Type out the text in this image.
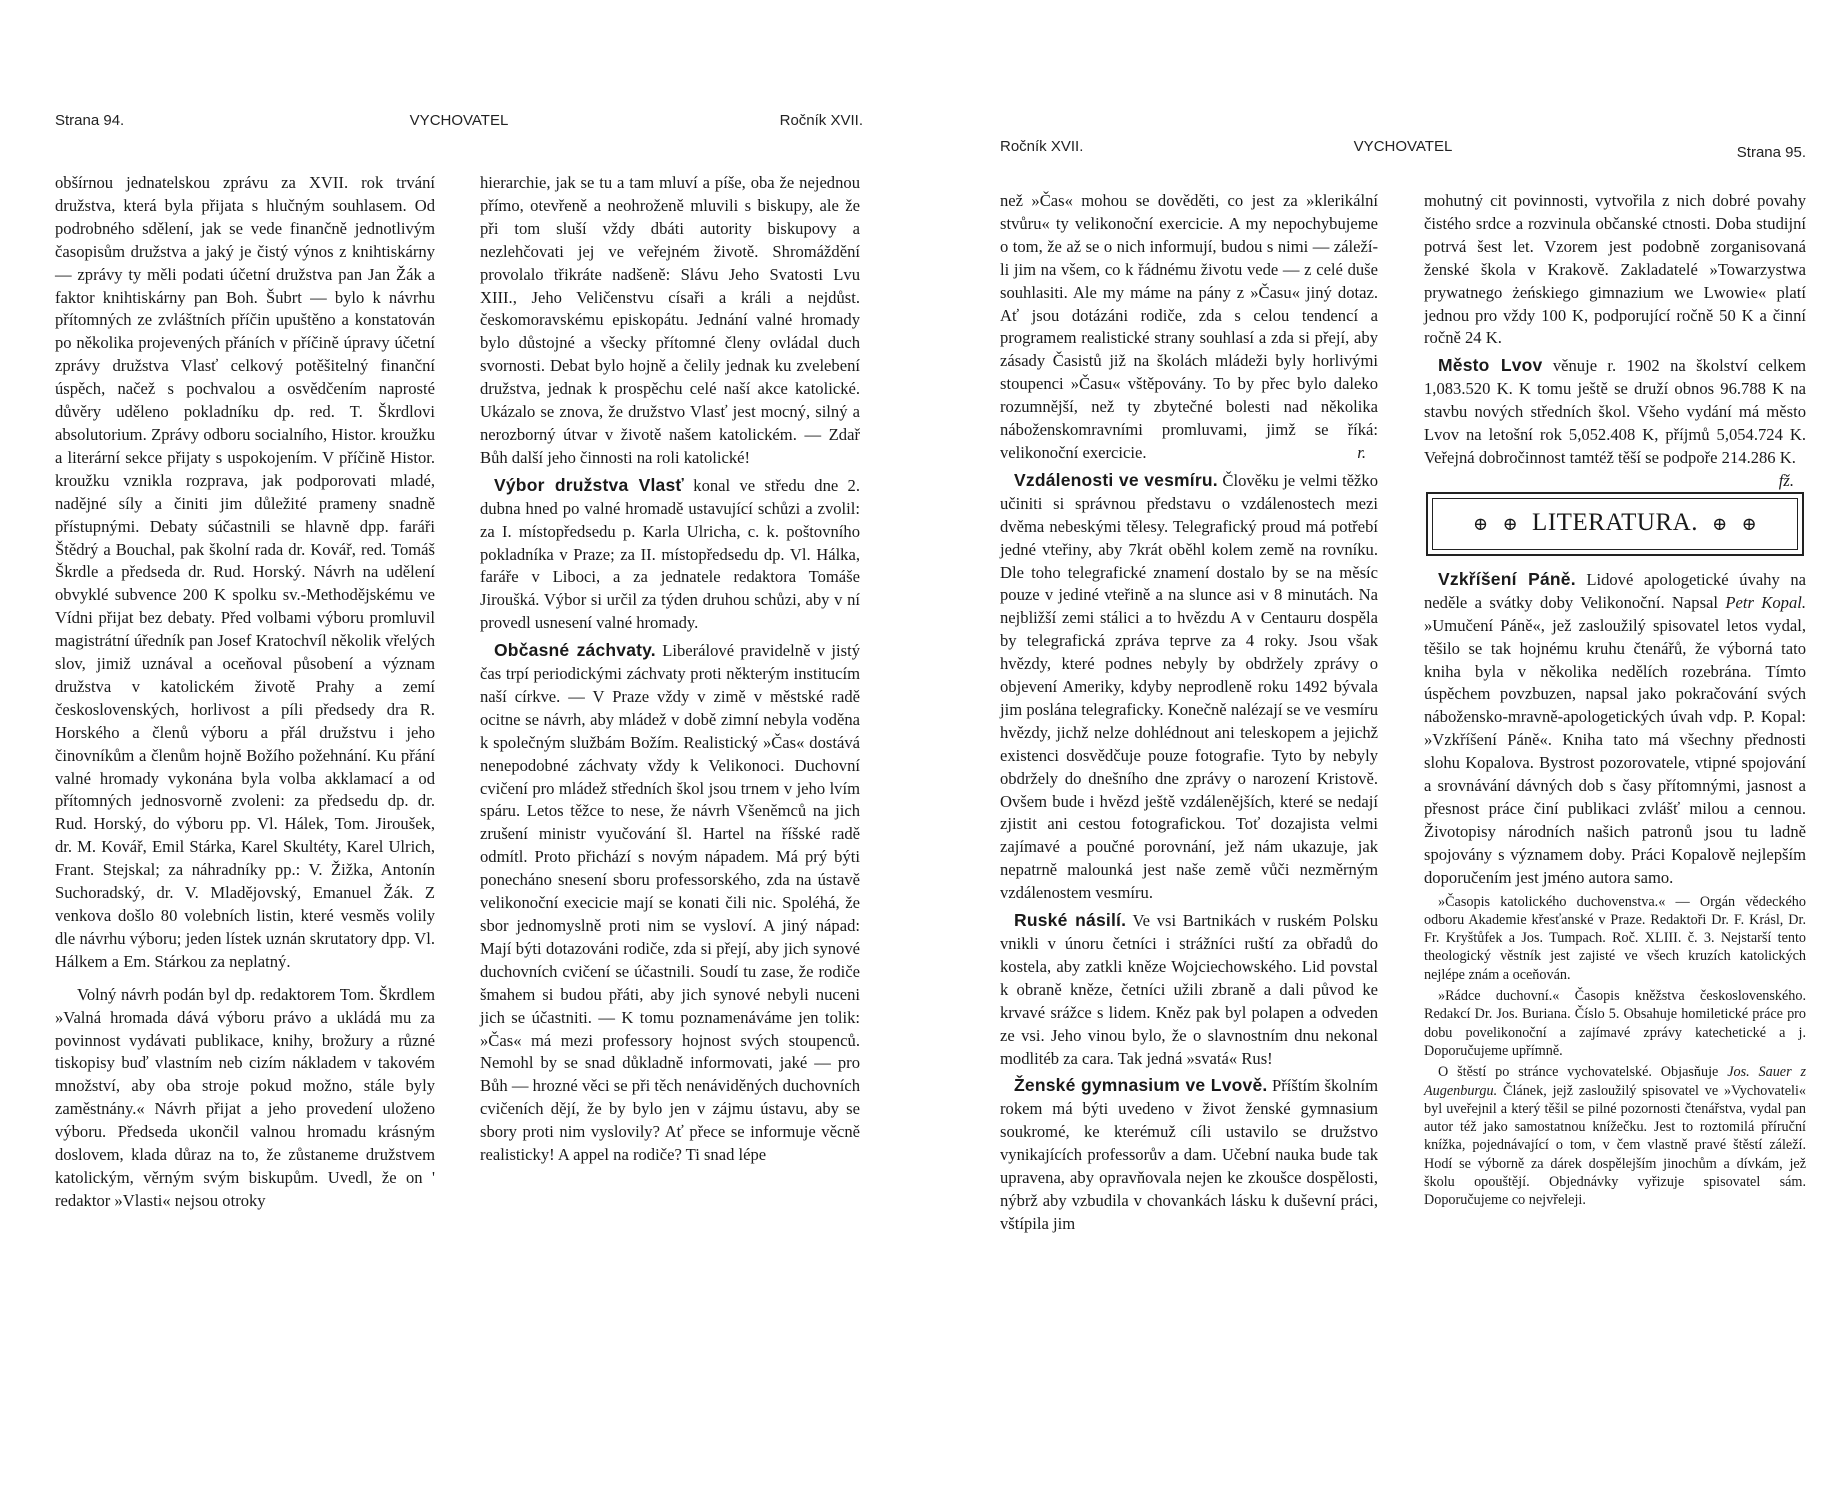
Strana 94.	VYCHOVATEL	Ročník XVII.

obšírnou jednatelskou zprávu za XVII. rok trvání družstva, která byla přijata s hlučným souhlasem. Od podrobného sdělení, jak se vede finančně jednotlivým časopisům družstva a jaký je čistý výnos z knihtiskárny — zprávy ty měli podati účetní družstva pan Jan Žák a faktor knihtiskárny pan Boh. Šubrt — bylo k návrhu přítomných ze zvláštních příčin upuštěno a konstatován po několika projevených přáních v příčině úpravy účetní zprávy družstva Vlasť celkový potěšitelný finanční úspěch, načež s pochvalou a osvědčením naprosté důvěry uděleno pokladníku dp. red. T. Škrdlovi absolutorium. Zprávy odboru socialního, Histor. kroužku a literární sekce přijaty s uspokojením. V příčině Histor. kroužku vznikla rozprava, jak podporovati mladé, nadějné síly a činiti jim důležité prameny snadně přístupnými. Debaty súčastnili se hlavně dpp. faráři Štědrý a Bouchal, pak školní rada dr. Kovář, red. Tomáš Škrdle a předseda dr. Rud. Horský. Návrh na udělení obvyklé subvence 200 K spolku sv.-Methodějskému ve Vídni přijat bez debaty. Před volbami výboru promluvil magistrátní úředník pan Josef Kratochvíl několik vřelých slov, jimiž uznával a oceňoval působení a význam družstva v katolickém životě Prahy a zemí československých, horlivost a píli předsedy dra R. Horského a členů výboru a přál družstvu i jeho činovníkům a členům hojně Božího požehnání. Ku přání valné hromady vykonána byla volba akklamací a od přítomných jednosvorně zvoleni: za předsedu dp. dr. Rud. Horský, do výboru pp. Vl. Hálek, Tom. Jiroušek, dr. M. Kovář, Emil Stárka, Karel Skultéty, Karel Ulrich, Frant. Stejskal; za náhradníky pp.: V. Žižka, Antonín Suchoradský, dr. V. Mladějovský, Emanuel Žák. Z venkova došlo 80 volebních listin, které vesměs volily dle návrhu výboru; jeden lístek uznán skrutatory dpp. Vl. Hálkem a Em. Stárkou za neplatný.

Volný návrh podán byl dp. redaktorem Tom. Škrdlem »Valná hromada dává výboru právo a ukládá mu za povinnost vydávati publikace, knihy, brožury a různé tiskopisy buď vlastním neb cizím nákladem v takovém množství, aby oba stroje pokud možno, stále byly zaměstnány.« Návrh přijat a jeho provedení uloženo výboru. Předseda ukončil valnou hromadu krásným doslovem, klada důraz na to, že zůstaneme družstvem katolickým, věrným svým biskupům. Uvedl, že on ' redaktor »Vlasti« nejsou otroky

hierarchie, jak se tu a tam mluví a píše, oba že nejednou přímo, otevřeně a neohroženě mluvili s biskupy, ale že při tom sluší vždy dbáti autority biskupovy a nezlehčovati jej ve veřejném životě. Shromáždění provolalo třikráte nadšeně: Slávu Jeho Svatosti Lvu XIII., Jeho Veličenstvu císaři a králi a nejdůst. českomoravskému episkopátu. Jednání valné hromady bylo důstojné a všecky přítomné členy ovládal duch svornosti. Debat bylo hojně a čelily jednak ku zvelebení družstva, jednak k prospěchu celé naší akce katolické. Ukázalo se znova, že družstvo Vlasť jest mocný, silný a nerozborný útvar v životě našem katolickém. — Zdař Bůh další jeho činnosti na roli katolické!

Výbor družstva Vlasť konal ve středu dne 2. dubna hned po valné hromadě ustavující schůzi a zvolil: za I. místopředsedu p. Karla Ulricha, c. k. poštovního pokladníka v Praze; za II. místopředsedu dp. Vl. Hálka, faráře v Liboci, a za jednatele redaktora Tomáše Jiroušká. Výbor si určil za týden druhou schůzi, aby v ní provedl usnesení valné hromady.

Občasné záchvaty. Liberálové pravidelně v jistý čas trpí periodickými záchvaty proti některým institucím naší církve. — V Praze vždy v zimě v městské radě ocitne se návrh, aby mládež v době zimní nebyla voděna k společným službám Božím. Realistický »Čas« dostává nenepodobné záchvaty vždy k Velikonoci. Duchovní cvičení pro mládež středních škol jsou trnem v jeho lvím spáru. Letos těžce to nese, že návrh Všeněmců na jich zrušení ministr vyučování šl. Hartel na říšské radě odmítl. Proto přichází s novým nápadem. Má prý býti ponecháno snesení sboru professorského, zda na ústavě velikonoční execicie mají se konati čili nic. Spoléhá, že sbor jednomyslně proti nim se vysloví. A jiný nápad: Mají býti dotazováni rodiče, zda si přejí, aby jich synové duchovních cvičení se účastnili. Soudí tu zase, že rodiče šmahem si budou přáti, aby jich synové nebyli nuceni jich se účastniti. — K tomu poznamenáváme jen tolik: »Čas« má mezi professory hojnost svých stoupenců. Nemohl by se snad důkladně informovati, jaké — pro Bůh — hrozné věci se při těch nenáviděných duchovních cvičeních dějí, že by bylo jen v zájmu ústavu, aby se sbory proti nim vyslovily? Ať přece se informuje věcně realisticky! A appel na rodiče? Ti snad lépe

Ročník XVII.	VYCHOVATEL	Strana 95.

než »Čas« mohou se dověděti, co jest za »klerikální stvůru« ty velikonoční exercicie. A my nepochybujeme o tom, že až se o nich informují, budou s nimi — záleží-li jim na všem, co k řádnému životu vede — z celé duše souhlasiti. Ale my máme na pány z »Času« jiný dotaz. Ať jsou dotázáni rodiče, zda s celou tendencí a programem realistické strany souhlasí a zda si přejí, aby zásady Časistů již na školách mládeži byly horlivými stoupenci »Času« vštěpovány. To by přec bylo daleko rozumnější, než ty zbytečné bolesti nad několika náboženskomravními promluvami, jimž se říká: velikonoční exercicie.	r.

Vzdálenosti ve vesmíru. Člověku je velmi těžko učiniti si správnou představu o vzdálenostech mezi dvěma nebeskými tělesy. Telegrafický proud má potřebí jedné vteřiny, aby 7krát oběhl kolem země na rovníku. Dle toho telegrafické znamení dostalo by se na měsíc pouze v jediné vteřině a na slunce asi v 8 minutách. Na nejbližší zemi stálici a to hvězdu A v Centauru dospěla by telegrafická zpráva teprve za 4 roky. Jsou však hvězdy, které podnes nebyly by obdržely zprávy o objevení Ameriky, kdyby neprodleně roku 1492 bývala jim poslána telegraficky. Konečně nalézají se ve vesmíru hvězdy, jichž nelze dohlédnout ani teleskopem a jejichž existenci dosvědčuje pouze fotografie. Tyto by nebyly obdržely do dnešního dne zprávy o narození Kristově. Ovšem bude i hvězd ještě vzdálenějších, které se nedají zjistit ani cestou fotografickou. Toť dozajista velmi zajímavé a poučné porovnání, jež nám ukazuje, jak nepatrně malounká jest naše země vůči nezměrným vzdálenostem vesmíru.

Ruské násilí. Ve vsi Bartnikách v ruském Polsku vnikli v únoru četníci i strážníci ruští za obřadů do kostela, aby zatkli kněze Wojciechowského. Lid povstal k obraně kněze, četníci užili zbraně a dali původ ke krvavé srážce s lidem. Kněz pak byl polapen a odveden ze vsi. Jeho vinou bylo, že o slavnostním dnu nekonal modlitéb za cara. Tak jedná »svatá« Rus!

Ženské gymnasium ve Lvově. Příštím školním rokem má býti uvedeno v život ženské gymnasium soukromé, ke kterémuž cíli ustavilo se družstvo vynikajících professorův a dam. Učební nauka bude tak upravena, aby opravňovala nejen ke zkoušce dospělosti, nýbrž aby vzbudila v chovankách lásku k duševní práci, vštípila jim

mohutný cit povinnosti, vytvořila z nich dobré povahy čistého srdce a rozvinula občanské ctnosti. Doba studijní potrvá šest let. Vzorem jest podobně zorganisovaná ženské škola v Krakově. Zakladatelé »Towarzystwa prywatnego żeńskiego gimnazium we Lwowie« platí jednou pro vždy 100 K, podporující ročně 50 K a činní ročně 24 K.

Město Lvov věnuje r. 1902 na školství celkem 1,083.520 K. K tomu ještě se druží obnos 96.788 K na stavbu nových středních škol. Všeho vydání má město Lvov na letošní rok 5,052.408 K, příjmů 5,054.724 K. Veřejná dobročinnost tamtéž těší se podpoře 214.286 K.
fž.

⊕ ⊕ LITERATURA. ⊕ ⊕

Vzkříšení Páně. Lidové apologetické úvahy na neděle a svátky doby Velikonoční. Napsal Petr Kopal. »Umučení Páně«, jež zasloužilý spisovatel letos vydal, těšilo se tak hojnému kruhu čtenářů, že výborná tato kniha byla v několika nedělích rozebrána. Tímto úspěchem povzbuzen, napsal jako pokračování svých nábožensko-mravně-apologetických úvah vdp. P. Kopal: »Vzkříšení Páně«. Kniha tato má všechny přednosti slohu Kopalova. Bystrost pozorovatele, vtipné spojování a srovnávání dávných dob s časy přítomnými, jasnost a přesnost práce činí publikaci zvlášť milou a cennou. Životopisy národních našich patronů jsou tu ladně spojovány s významem doby. Práci Kopalově nejlepším doporučením jest jméno autora samo.

»Časopis katolického duchovenstva.« — Orgán vědeckého odboru Akademie křesťanské v Praze. Redaktoři Dr. F. Krásl, Dr. Fr. Kryštůfek a Jos. Tumpach. Roč. XLIII. č. 3. Nejstarší tento theologický věstník jest zajisté ve všech kruzích katolických nejlépe znám a oceňován.

»Rádce duchovní.« Časopis kněžstva československého. Redakcí Dr. Jos. Buriana. Číslo 5. Obsahuje homiletické práce pro dobu povelikonoční a zajímavé zprávy katechetické a j. Doporučujeme upřímně.

O štěstí po stránce vychovatelské. Objasňuje Jos. Sauer z Augenburgu. Článek, jejž zasloužilý spisovatel ve »Vychovateli« byl uveřejnil a který těšil se pilné pozornosti čtenářstva, vydal pan autor též jako samostatnou knížečku. Jest to roztomilá příruční knížka, pojednávající o tom, v čem vlastně pravé štěstí záleží. Hodí se výborně za dárek dospělejším jinochům a dívkám, jež školu opouštějí. Objednávky vyřizuje spisovatel sám. Doporučujeme co nejvřeleji.
